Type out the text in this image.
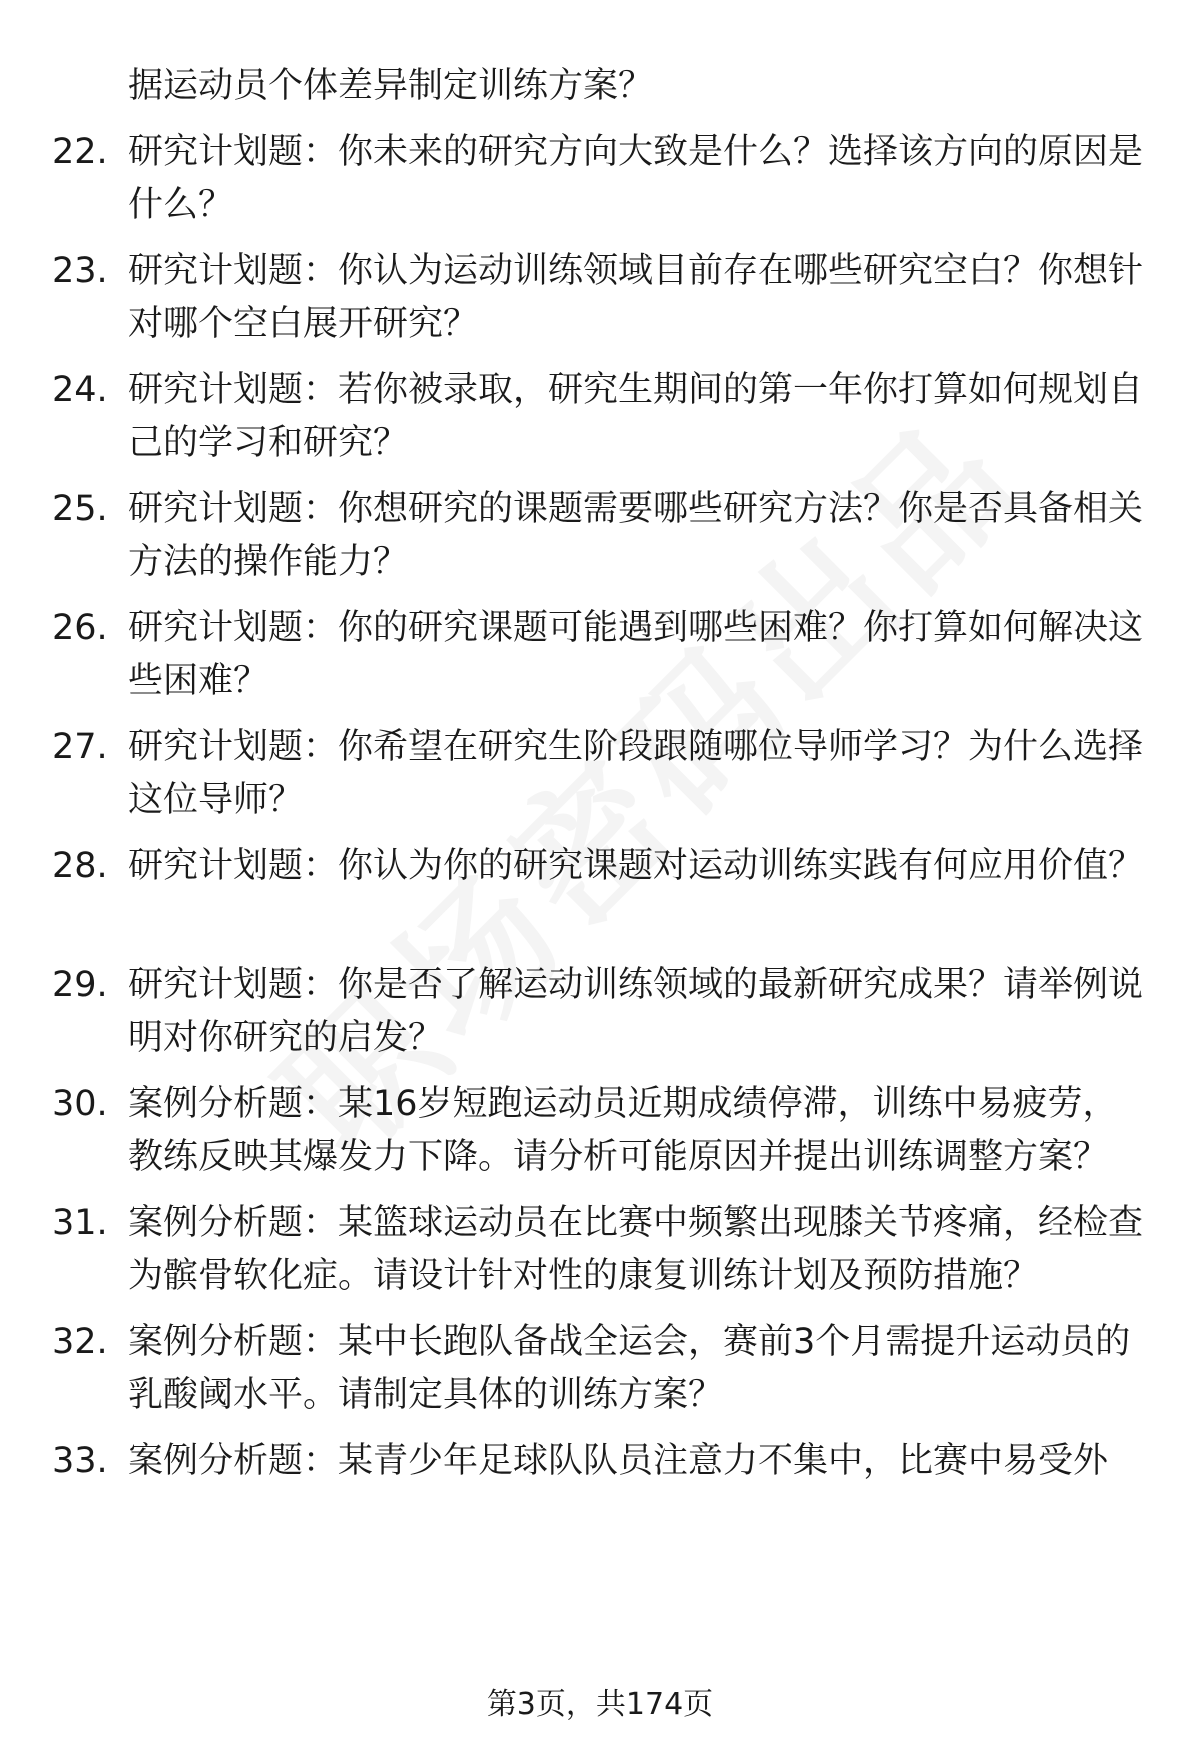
据运动员个体差异制定训练方案？
22. 研究计划题：你未来的研究方向大致是什么？选择该方向的原因是什么？
23. 研究计划题：你认为运动训练领域目前存在哪些研究空白？你想针对哪个空白展开研究？
24. 研究计划题：若你被录取，研究生期间的第一年你打算如何规划自己的学习和研究？
25. 研究计划题：你想研究的课题需要哪些研究方法？你是否具备相关方法的操作能力？
26. 研究计划题：你的研究课题可能遇到哪些困难？你打算如何解决这些困难？
27. 研究计划题：你希望在研究生阶段跟随哪位导师学习？为什么选择这位导师？
28. 研究计划题：你认为你的研究课题对运动训练实践有何应用价值？
29. 研究计划题：你是否了解运动训练领域的最新研究成果？请举例说明对你研究的启发？
30. 案例分析题：某16岁短跑运动员近期成绩停滞，训练中易疲劳，教练反映其爆发力下降。请分析可能原因并提出训练调整方案？
31. 案例分析题：某篮球运动员在比赛中频繁出现膝关节疼痛，经检查为髌骨软化症。请设计针对性的康复训练计划及预防措施？
32. 案例分析题：某中长跑队备战全运会，赛前3个月需提升运动员的乳酸阈水平。请制定具体的训练方案？
33. 案例分析题：某青少年足球队队员注意力不集中，比赛中易受外
第3页，共174页
